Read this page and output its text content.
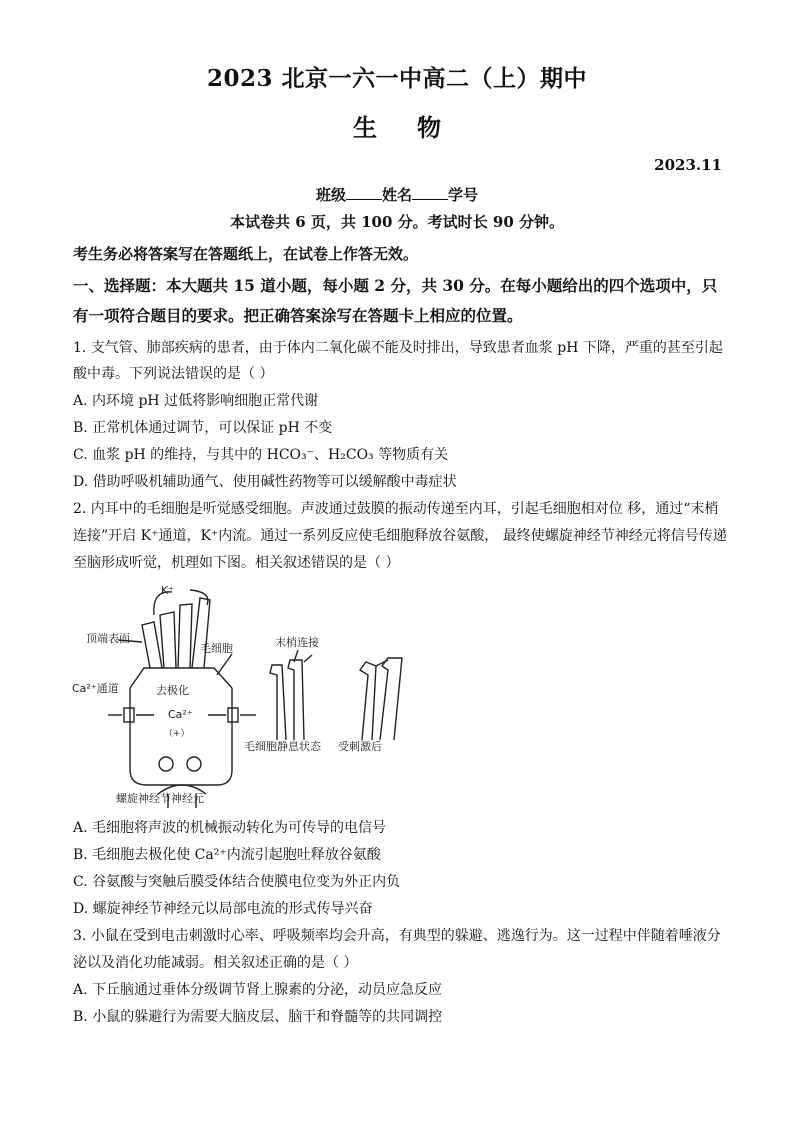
2023 北京一六一中高二（上）期中
生物
2023.11
班级 姓名 学号
本试卷共 6 页，共 100 分。考试时长 90 分钟。
考生务必将答案写在答题纸上，在试卷上作答无效。
一、选择题：本大题共 15 道小题，每小题 2 分，共 30 分。在每小题给出的四个选项中，只
有一项符合题目的要求。把正确答案涂写在答题卡上相应的位置。
1. 支气管、肺部疾病的患者，由于体内二氧化碳不能及时排出，导致患者血浆 pH 下降，严重的甚至引起
酸中毒。下列说法错误的是（ ）
A. 内环境 pH 过低将影响细胞正常代谢
B. 正常机体通过调节，可以保证 pH 不变
C. 血浆 pH 的维持，与其中的 HCO₃⁻、H₂CO₃ 等物质有关
D. 借助呼吸机辅助通气、使用碱性药物等可以缓解酸中毒症状
2. 内耳中的毛细胞是听觉感受细胞。声波通过鼓膜的振动传递至内耳，引起毛细胞相对位 移，通过“末梢
连接”开启 K⁺通道，K⁺内流。通过一系列反应使毛细胞释放谷氨酸， 最终使螺旋神经节神经元将信号传递
至脑形成听觉，机理如下图。相关叙述错误的是（ ）
K⁺
顶端表面
毛细胞
Ca²⁺通道	去极化
Ca²⁺
（+）
螺旋神经节神经元
末梢连接
毛细胞静息状态 受刺激后
A. 毛细胞将声波的机械振动转化为可传导的电信号
B. 毛细胞去极化使 Ca²⁺内流引起胞吐释放谷氨酸
C. 谷氨酸与突触后膜受体结合使膜电位变为外正内负
D. 螺旋神经节神经元以局部电流的形式传导兴奋
3. 小鼠在受到电击刺激时心率、呼吸频率均会升高，有典型的躲避、逃逸行为。这一过程中伴随着唾液分
泌以及消化功能减弱。相关叙述正确的是（ ）
A. 下丘脑通过垂体分级调节肾上腺素的分泌，动员应急反应
B. 小鼠的躲避行为需要大脑皮层、脑干和脊髓等的共同调控
